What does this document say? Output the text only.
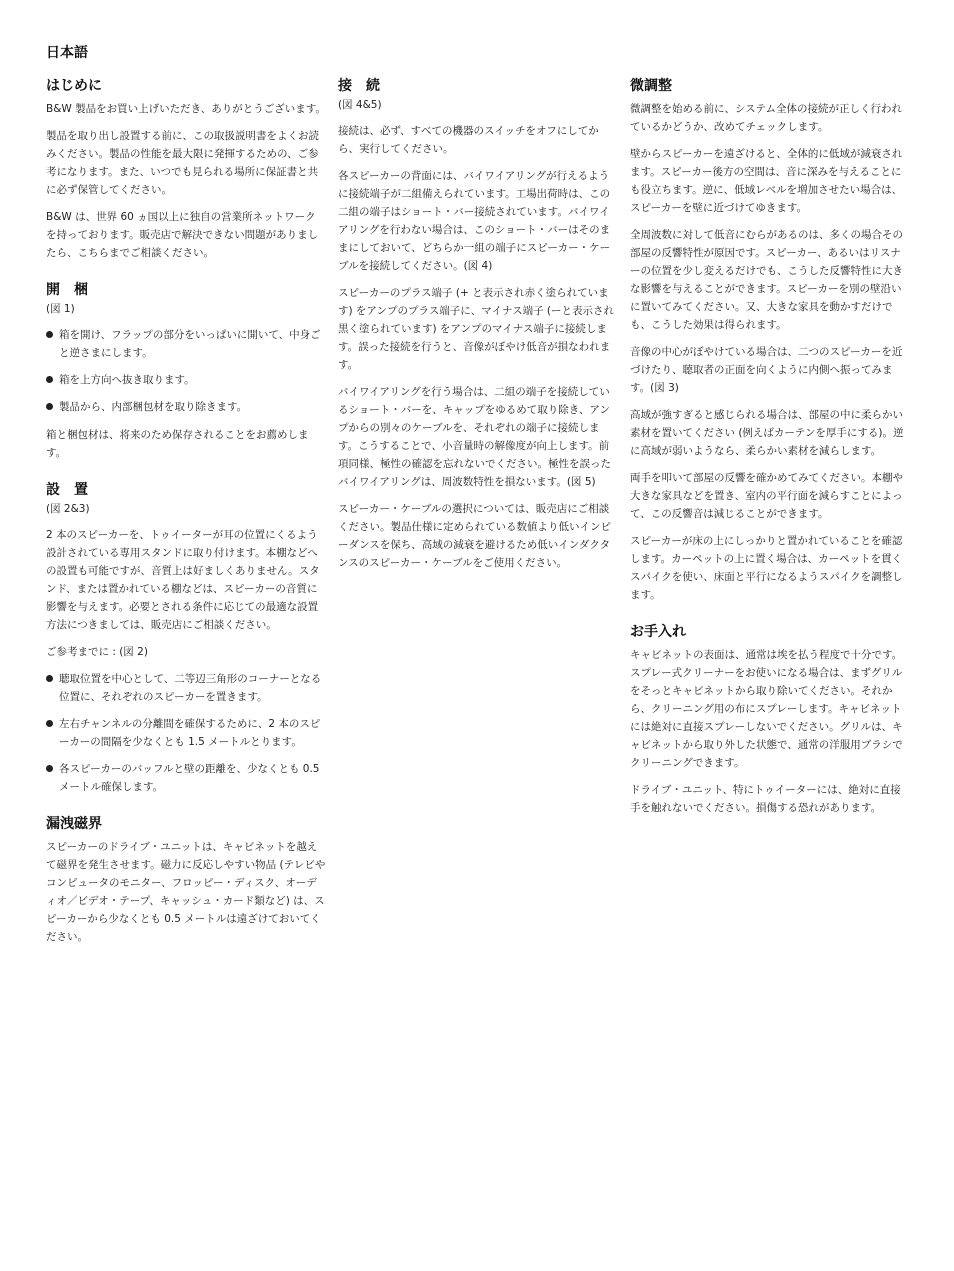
日本語
はじめに

B&W 製品をお買い上げいただき、ありがとうございます。

製品を取り出し設置する前に、この取扱説明書をよくお読みください。製品の性能を最大限に発揮するための、ご参考になります。また、いつでも見られる場所に保証書と共に必ず保管してください。

B&W は、世界 60 ヵ国以上に独自の営業所ネットワークを持っております。販売店で解決できない問題がありましたら、こちらまでご相談ください。

開　梱
(図 1)
箱を開け、フラップの部分をいっぱいに開いて、中身ごと逆さまにします。
箱を上方向へ抜き取ります。
製品から、内部梱包材を取り除きます。

箱と梱包材は、将来のため保存されることをお薦めします。

設　置
(図 2&3)

2 本のスピーカーを、トゥイーターが耳の位置にくるよう設計されている専用スタンドに取り付けます。本棚などへの設置も可能ですが、音質上は好ましくありません。スタンド、または置かれている棚などは、スピーカーの音質に影響を与えます。必要とされる条件に応じての最適な設置方法につきましては、販売店にご相談ください。

ご参考までに : (図 2)

聴取位置を中心として、二等辺三角形のコーナーとなる位置に、それぞれのスピーカーを置きます。
左右チャンネルの分離間を確保するために、2 本のスピーカーの間隔を少なくとも 1.5 メートルとります。
各スピーカーのバッフルと壁の距離を、少なくとも 0.5 メートル確保します。
漏洩磁界

スピーカーのドライブ・ユニットは、キャビネットを越えて磁界を発生させます。磁力に反応しやすい物品 (テレビやコンピュータのモニター、フロッピー・ディスク、オーディオ／ビデオ・テープ、キャッシュ・カード類など) は、スピーカーから少なくとも 0.5 メートルは遠ざけておいてください。

接　続
(図 4&5)

接続は、必ず、すべての機器のスイッチをオフにしてから、実行してください。

各スピーカーの背面には、バイワイアリングが行えるように接続端子が二組備えられています。工場出荷時は、この二組の端子はショート・バー接続されています。バイワイアリングを行わない場合は、このショート・バーはそのままにしておいて、どちらか一組の端子にスピーカー・ケーブルを接続してください。(図 4)

スピーカーのプラス端子 (+ と表示され赤く塗られています) をアンプのプラス端子に、マイナス端子 (ーと表示され黒く塗られています) をアンプのマイナス端子に接続します。誤った接続を行うと、音像がぼやけ低音が損なわれます。

バイワイアリングを行う場合は、二組の端子を接続しているショート・バーを、キャップをゆるめて取り除き、アンプからの別々のケーブルを、それぞれの端子に接続します。こうすることで、小音量時の解像度が向上します。前項同様、極性の確認を忘れないでください。極性を誤ったバイワイアリングは、周波数特性を損ないます。(図 5)

スピーカー・ケーブルの選択については、販売店にご相談ください。製品仕様に定められている数値より低いインピーダンスを保ち、高域の減衰を避けるため低いインダクタンスのスピーカー・ケーブルをご使用ください。

微調整

微調整を始める前に、システム全体の接続が正しく行われているかどうか、改めてチェックします。

壁からスピーカーを遠ざけると、全体的に低域が減衰されます。スピーカー後方の空間は、音に深みを与えることにも役立ちます。逆に、低域レベルを増加させたい場合は、スピーカーを壁に近づけてゆきます。

全周波数に対して低音にむらがあるのは、多くの場合その部屋の反響特性が原因です。スピーカー、あるいはリスナーの位置を少し変えるだけでも、こうした反響特性に大きな影響を与えることができます。スピーカーを別の壁沿いに置いてみてください。又、大きな家具を動かすだけでも、こうした効果は得られます。

音像の中心がぼやけている場合は、二つのスピーカーを近づけたり、聴取者の正面を向くように内側へ振ってみます。(図 3)

高域が強すぎると感じられる場合は、部屋の中に柔らかい素材を置いてください (例えばカーテンを厚手にする)。逆に高域が弱いようなら、柔らかい素材を減らします。

両手を叩いて部屋の反響を確かめてみてください。本棚や大きな家具などを置き、室内の平行面を減らすことによって、この反響音は減じることができます。

スピーカーが床の上にしっかりと置かれていることを確認します。カーペットの上に置く場合は、カーペットを貫くスパイクを使い、床面と平行になるようスパイクを調整します。

お手入れ

キャビネットの表面は、通常は埃を払う程度で十分です。スプレー式クリーナーをお使いになる場合は、まずグリルをそっとキャビネットから取り除いてください。それから、クリーニング用の布にスプレーします。キャビネットには絶対に直接スプレーしないでください。グリルは、キャビネットから取り外した状態で、通常の洋服用ブラシでクリーニングできます。

ドライブ・ユニット、特にトゥイーターには、絶対に直接手を触れないでください。損傷する恐れがあります。
